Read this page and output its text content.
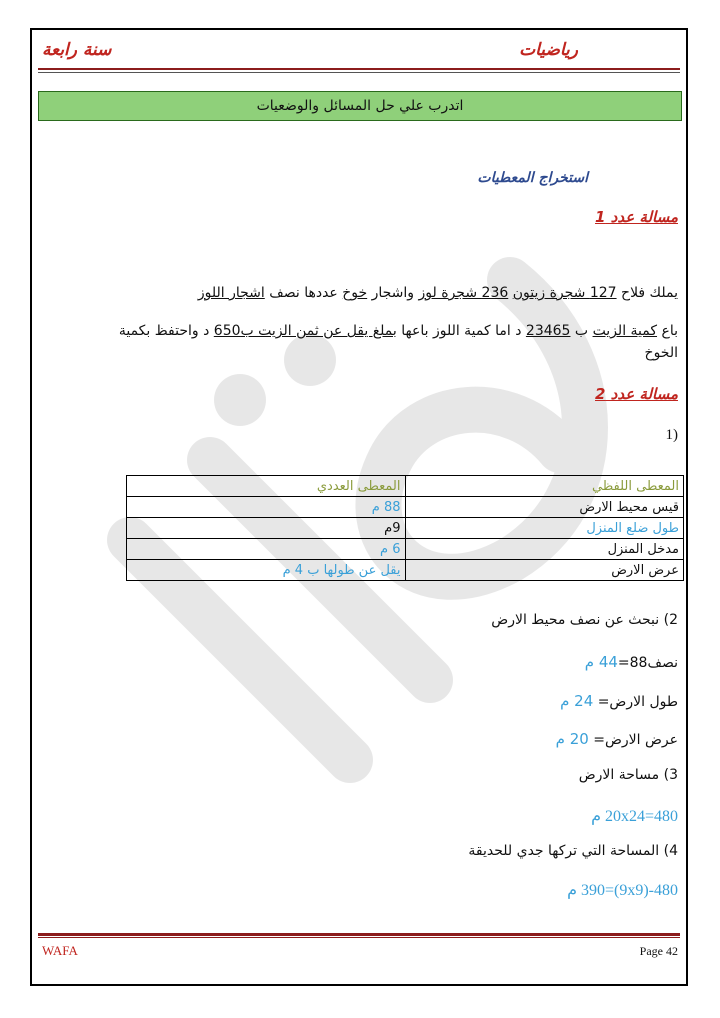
سنة رابعة	رياضيات
اتدرب علي حل المسائل والوضعيات
استخراج المعطيات
مسالة عدد 1
يملك فلاح 127 شجرة زيتون 236 شجرة لوز واشجار خوخ عددها نصف اشجار اللوز
باع كمية الزيت ب 23465 د اما كمية اللوز باعها بملغ يقل عن ثمن الزيت ب650 د واحتفظ بكمية
الخوخ
مسالة عدد 2
(1
المعطى اللفظي	المعطى العددي
قيس محيط الارض	88 م
طول ضلع المنزل	9م
مدخل المنزل	6 م
عرض الارض	يقل عن طولها ب 4 م
2) نبحث عن نصف محيط الارض
نصف88=44 م
طول الارض= 24 م
عرض الارض= 20 م
3) مساحة الارض
20x24=480 م
4) المساحة التي تركها جدي للحديقة
480-(9x9)=390 م
WAFA	Page 42
